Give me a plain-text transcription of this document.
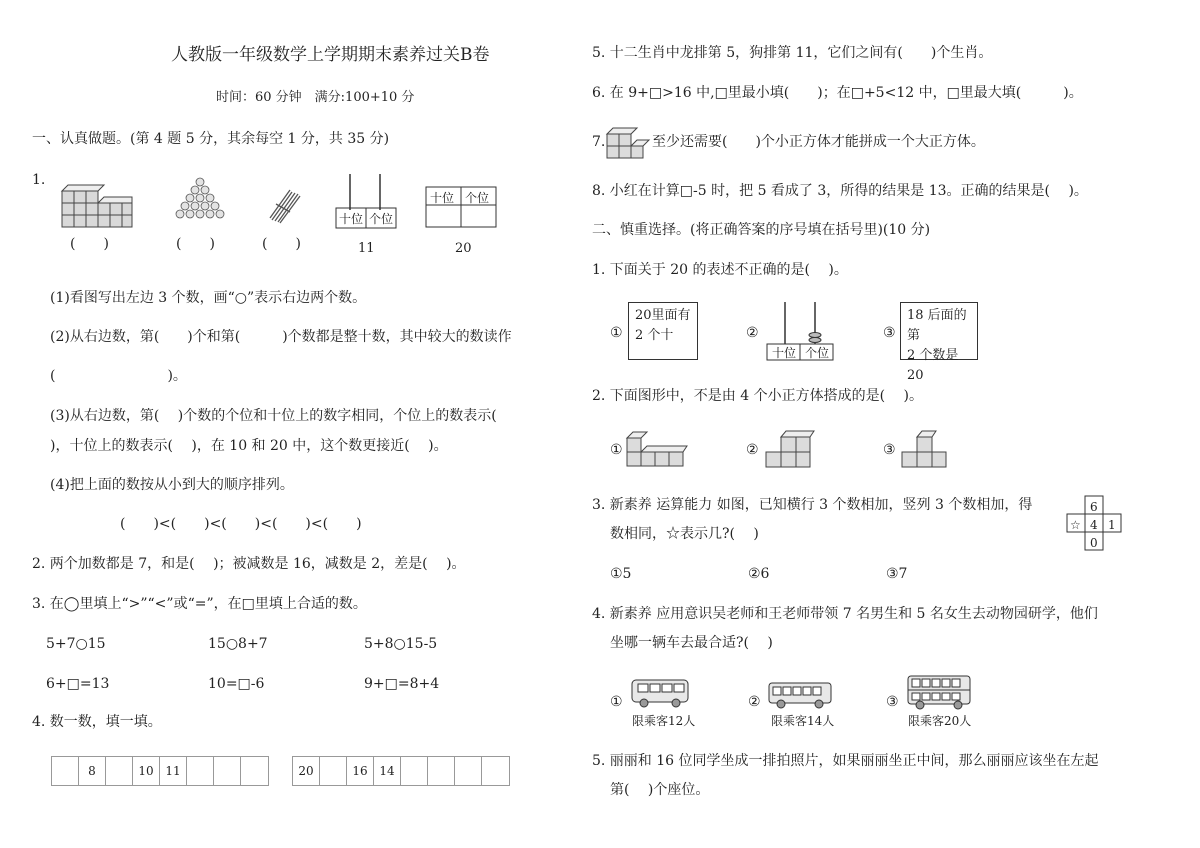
人教版一年级数学上学期期末素养过关B卷
时间：60 分钟　满分:100+10 分
一、认真做题。(第 4 题 5 分，其余每空 1 分，共 35 分)
1.
(　　)	(　　)	(　　)
十位 个位
11
十位 个位
20
(1)看图写出左边 3 个数，画“○”表示右边两个数。
(2)从右边数，第(　　)个和第(　　　)个数都是整十数，其中较大的数读作
(　　　　　　　　)。
(3)从右边数，第(　 )个数的个位和十位上的数字相同，个位上的数表示(
)，十位上的数表示(　 )，在 10 和 20 中，这个数更接近(　 )。
(4)把上面的数按从小到大的顺序排列。
(　　)<(　　)<(　　)<(　　)<(　　)
2. 两个加数都是 7，和是(　 )；被减数是 16，减数是 2，差是(　 )。
3. 在◯里填上“>”“<”或“=”，在□里填上合适的数。
5+7○15	15○8+7	5+8○15-5
6+□=13	10=□-6	9+□=8+4
4. 数一数，填一填。
8	10 11	20	16 14
5. 十二生肖中龙排第 5，狗排第 11，它们之间有(　　)个生肖。
6. 在 9+□>16 中,□里最小填(　　)；在□+5<12 中，□里最大填(　　　)。
7.	至少还需要(　　)个小正方体才能拼成一个大正方体。
8. 小红在计算□-5 时，把 5 看成了 3，所得的结果是 13。正确的结果是(　 )。
二、慎重选择。(将正确答案的序号填在括号里)(10 分)
1. 下面关于 20 的表述不正确的是(　 )。
①
20里面有
2 个十	②
十位 个位
③
18 后面的第
2 个数是20
2. 下面图形中，不是由 4 个小正方体搭成的是(　 )。
①	②	③
3. 新素养 运算能力 如图，已知横行 3 个数相加，竖列 3 个数相加，得
数相同，☆表示几?(　 )
①5	②6	③7
6
☆ 4 1
0
4. 新素养 应用意识吴老师和王老师带领 7 名男生和 5 名女生去动物园研学，他们
坐哪一辆车去最合适?(　 )
①
限乘客12人
②
限乘客14人
③
限乘客20人
5. 丽丽和 16 位同学坐成一排拍照片，如果丽丽坐正中间，那么丽丽应该坐在左起
第(　 )个座位。
